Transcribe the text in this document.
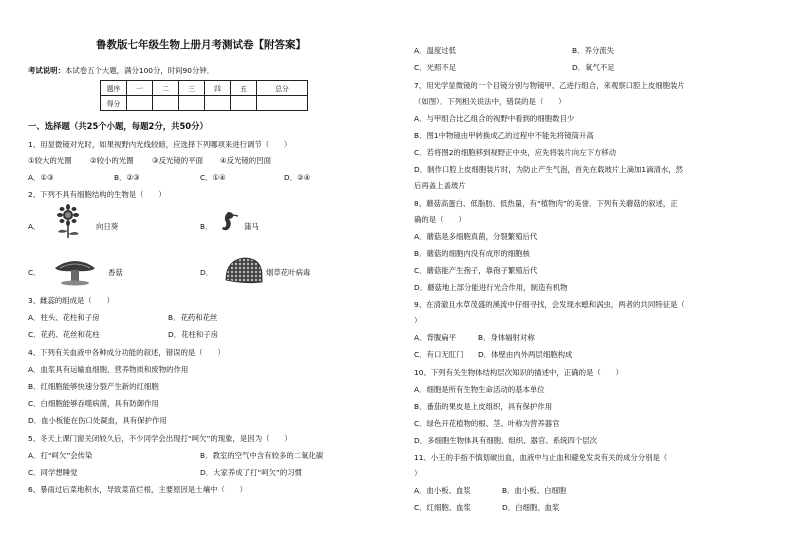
鲁教版七年级生物上册月考测试卷【附答案】
考试说明：本试卷五个大题，满分100分，时间90分钟．
题序	一	二	三	四	五	总分
得分						
一、选择题（共25个小题，每题2分，共50分）
1、用显微镜对光时，如果视野内光线较暗，应选择下列哪项来进行调节（　　）
①较大的光圈 ②较小的光圈 ③反光镜的平面 ④反光镜的凹面
A．①③	B．②③	C．①④	D．②④
2、下列不具有细胞结构的生物是（　　）
A．	向日葵	B．	蒲马
C．	香菇	D．	烟草花叶病毒
3、雌蕊的组成是（　　）
A．柱头、花柱和子房	B．花药和花丝
C．花药、花丝和花柱	D．花柱和子房
4、下列有关血液中各种成分功能的叙述，错误的是（　　）
A．血浆具有运输血细胞、营养物质和废物的作用
B．红细胞能够快速分裂产生新的红细胞
C．白细胞能够吞噬病菌，具有防御作用
D．血小板能在伤口处凝血，具有保护作用
5、冬天上课门窗关闭较久后，不少同学会出现打“呵欠”的现象，是因为（　　）
A．打“呵欠”会传染	B．教室的空气中含有较多的二氧化碳
C．同学想睡觉	D．大家养成了打“呵欠”的习惯
6、暴雨过后菜地积水，导致菜苗烂根，主要原因是土壤中（　　）
A．温度过低	B．养分流失
C．光照不足	D．氧气不足
7、用光学显微镜的一个目镜分别与物镜甲、乙进行组合，来观察口腔上皮细胞装片
（如图）．下列相关说法中，错误的是（　　）
A．与甲组合比乙组合的视野中看到的细胞数目少
B．图1中物镜由甲转换成乙的过程中不能先将镜筒升高
C．若将图2的细胞移到视野正中央，应先将装片向左下方移动
D．制作口腔上皮细胞装片时，为防止产生气泡，首先在载玻片上滴加1滴清水，然
后再盖上盖玻片
8、蘑菇高蛋白、低脂肪、低热量，有“植物肉”的美誉．下列有关蘑菇的叙述，正
确的是（　　）
A．蘑菇是多细胞真菌，分裂繁殖后代
B．蘑菇的细胞内没有成形的细胞核
C．蘑菇能产生孢子，靠孢子繁殖后代
D．蘑菇地上部分能进行光合作用，制造有机物
9、在清澈且水草茂盛的溪流中仔细寻找，会发现水螅和涡虫，两者的共同特征是（
）
A．背腹扁平	B．身体辐射对称
C．有口无肛门 D．体壁由内外两层细胞构成
10、下列有关生物体结构层次知识的描述中，正确的是（　　）
A．细胞是所有生物生命活动的基本单位
B．番茄的果皮是上皮组织，具有保护作用
C．绿色开花植物的根、茎、叶称为营养器官
D．多细胞生物体具有细胞、组织、器官、系统四个层次
11、小王的手指不慎划破出血，血液中与止血和避免发炎有关的成分分别是（
）
A．血小板、血浆	B．血小板、白细胞
C．红细胞、血浆	D．白细胞、血浆
